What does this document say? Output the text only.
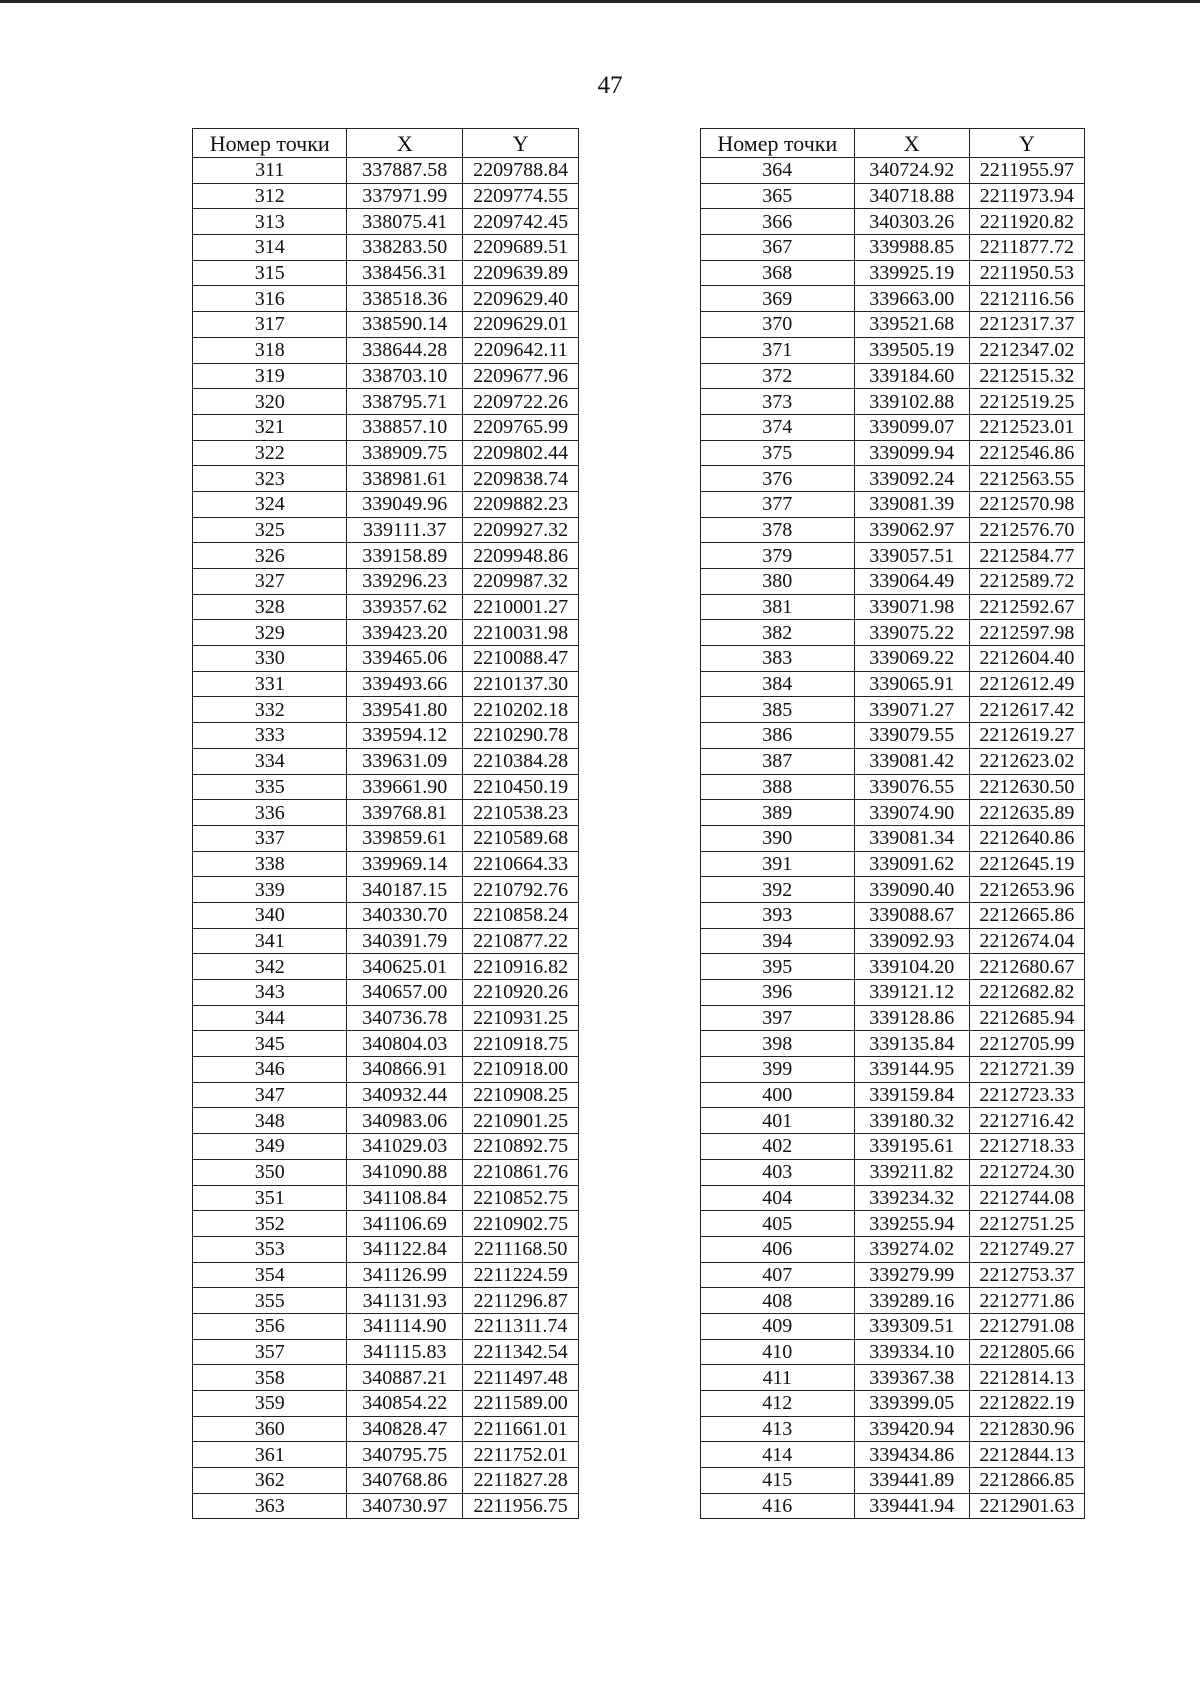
47
Номер точки	X	Y
311	337887.58	2209788.84
312	337971.99	2209774.55
313	338075.41	2209742.45
314	338283.50	2209689.51
315	338456.31	2209639.89
316	338518.36	2209629.40
317	338590.14	2209629.01
318	338644.28	2209642.11
319	338703.10	2209677.96
320	338795.71	2209722.26
321	338857.10	2209765.99
322	338909.75	2209802.44
323	338981.61	2209838.74
324	339049.96	2209882.23
325	339111.37	2209927.32
326	339158.89	2209948.86
327	339296.23	2209987.32
328	339357.62	2210001.27
329	339423.20	2210031.98
330	339465.06	2210088.47
331	339493.66	2210137.30
332	339541.80	2210202.18
333	339594.12	2210290.78
334	339631.09	2210384.28
335	339661.90	2210450.19
336	339768.81	2210538.23
337	339859.61	2210589.68
338	339969.14	2210664.33
339	340187.15	2210792.76
340	340330.70	2210858.24
341	340391.79	2210877.22
342	340625.01	2210916.82
343	340657.00	2210920.26
344	340736.78	2210931.25
345	340804.03	2210918.75
346	340866.91	2210918.00
347	340932.44	2210908.25
348	340983.06	2210901.25
349	341029.03	2210892.75
350	341090.88	2210861.76
351	341108.84	2210852.75
352	341106.69	2210902.75
353	341122.84	2211168.50
354	341126.99	2211224.59
355	341131.93	2211296.87
356	341114.90	2211311.74
357	341115.83	2211342.54
358	340887.21	2211497.48
359	340854.22	2211589.00
360	340828.47	2211661.01
361	340795.75	2211752.01
362	340768.86	2211827.28
363	340730.97	2211956.75
Номер точки	X	Y
364	340724.92	2211955.97
365	340718.88	2211973.94
366	340303.26	2211920.82
367	339988.85	2211877.72
368	339925.19	2211950.53
369	339663.00	2212116.56
370	339521.68	2212317.37
371	339505.19	2212347.02
372	339184.60	2212515.32
373	339102.88	2212519.25
374	339099.07	2212523.01
375	339099.94	2212546.86
376	339092.24	2212563.55
377	339081.39	2212570.98
378	339062.97	2212576.70
379	339057.51	2212584.77
380	339064.49	2212589.72
381	339071.98	2212592.67
382	339075.22	2212597.98
383	339069.22	2212604.40
384	339065.91	2212612.49
385	339071.27	2212617.42
386	339079.55	2212619.27
387	339081.42	2212623.02
388	339076.55	2212630.50
389	339074.90	2212635.89
390	339081.34	2212640.86
391	339091.62	2212645.19
392	339090.40	2212653.96
393	339088.67	2212665.86
394	339092.93	2212674.04
395	339104.20	2212680.67
396	339121.12	2212682.82
397	339128.86	2212685.94
398	339135.84	2212705.99
399	339144.95	2212721.39
400	339159.84	2212723.33
401	339180.32	2212716.42
402	339195.61	2212718.33
403	339211.82	2212724.30
404	339234.32	2212744.08
405	339255.94	2212751.25
406	339274.02	2212749.27
407	339279.99	2212753.37
408	339289.16	2212771.86
409	339309.51	2212791.08
410	339334.10	2212805.66
411	339367.38	2212814.13
412	339399.05	2212822.19
413	339420.94	2212830.96
414	339434.86	2212844.13
415	339441.89	2212866.85
416	339441.94	2212901.63
